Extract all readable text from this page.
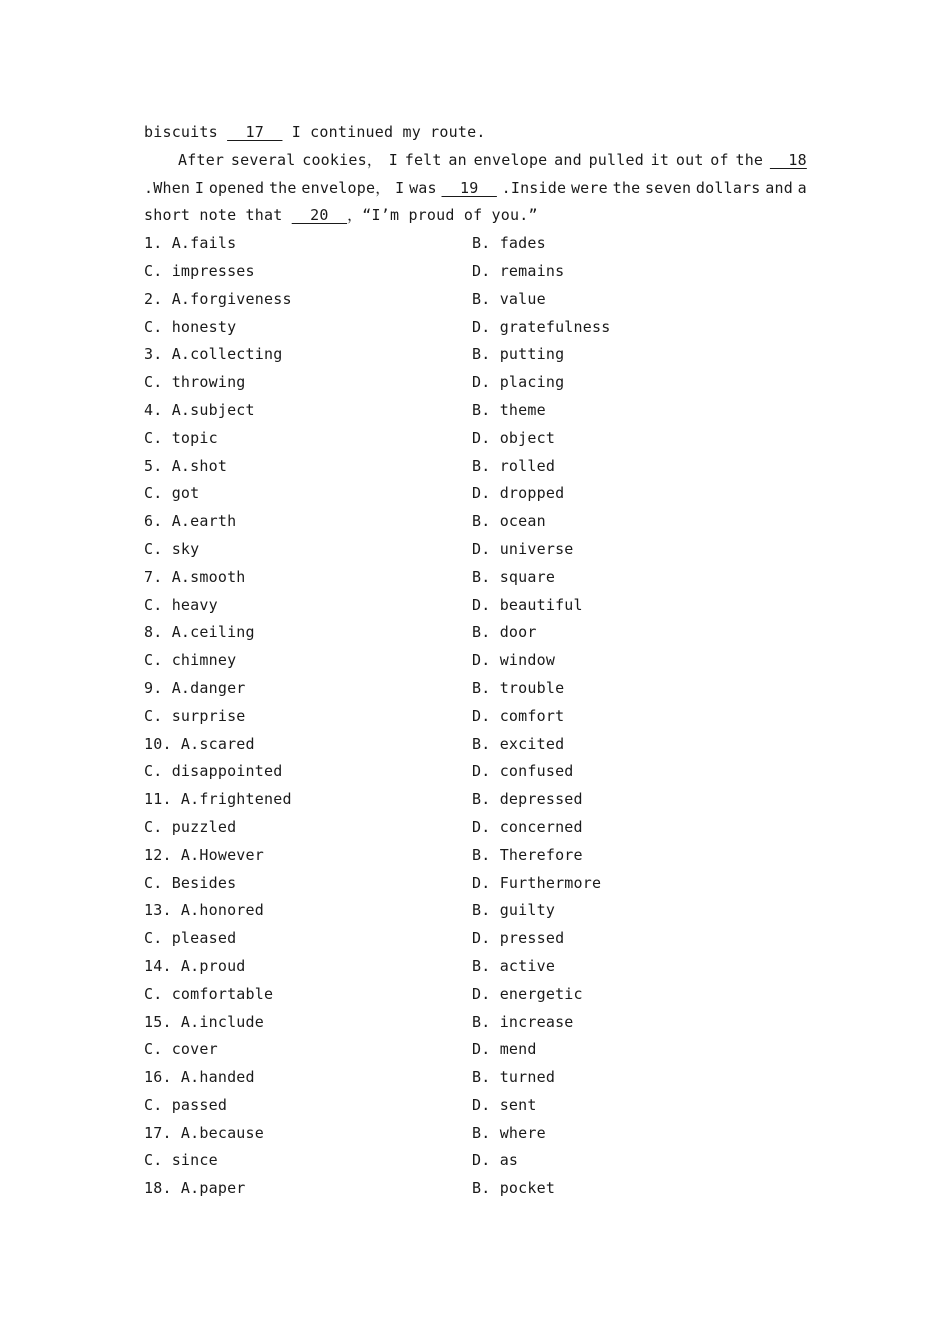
biscuits   17   I continued my route.
After several cookies， I felt an envelope and pulled it out of the 18
.When I opened the envelope， I was 19 .Inside were the seven dollars and a
short note that   20  ，“I’m proud of you.”
1. A.fails	B. fades
C. impresses	D. remains
2. A.forgiveness	B. value
C. honesty	D. gratefulness
3. A.collecting	B. putting
C. throwing	D. placing
4. A.subject	B. theme
C. topic	D. object
5. A.shot	B. rolled
C. got	D. dropped
6. A.earth	B. ocean
C. sky	D. universe
7. A.smooth	B. square
C. heavy	D. beautiful
8. A.ceiling	B. door
C. chimney	D. window
9. A.danger	B. trouble
C. surprise	D. comfort
10. A.scared	B. excited
C. disappointed	D. confused
11. A.frightened	B. depressed
C. puzzled	D. concerned
12. A.However	B. Therefore
C. Besides	D. Furthermore
13. A.honored	B. guilty
C. pleased	D. pressed
14. A.proud	B. active
C. comfortable	D. energetic
15. A.include	B. increase
C. cover	D. mend
16. A.handed	B. turned
C. passed	D. sent
17. A.because	B. where
C. since	D. as
18. A.paper	B. pocket
